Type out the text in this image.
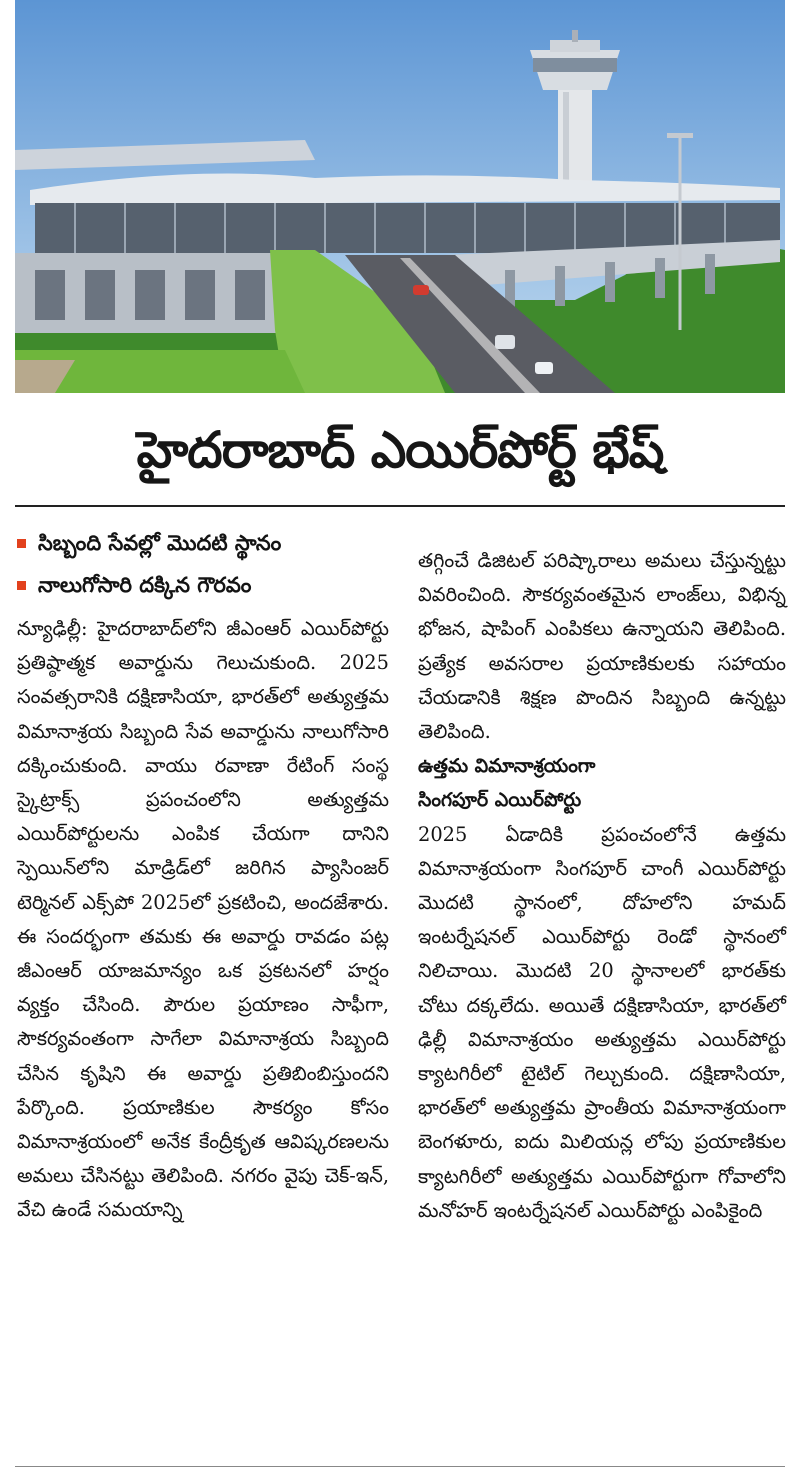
హైదరాబాద్ ఎయిర్‌పోర్ట్ భేష్
సిబ్బంది సేవల్లో మొదటి స్థానం
నాలుగోసారి దక్కిన గౌరవం

న్యూఢిల్లీ: హైదరాబాద్‌లోని జీఎంఆర్ ఎయిర్‌పోర్టు ప్రతిష్ఠాత్మక అవార్డును గెలుచుకుంది. 2025 సంవత్సరానికి దక్షిణాసియా, భారత్‌లో అత్యుత్తమ విమానాశ్రయ సిబ్బంది సేవ అవార్డును నాలుగోసారి దక్కించుకుంది. వాయు రవాణా రేటింగ్ సంస్థ స్కైట్రాక్స్ ప్రపంచంలోని అత్యుత్తమ ఎయిర్‌పోర్టులను ఎంపిక చేయగా దానిని స్పెయిన్‌లోని మాడ్రిడ్‌లో జరిగిన ప్యాసింజర్ టెర్మినల్ ఎక్స్‌పో 2025లో ప్రకటించి, అందజేశారు. ఈ సందర్భంగా తమకు ఈ అవార్డు రావడం పట్ల జీఎంఆర్ యాజమాన్యం ఒక ప్రకటనలో హర్షం వ్యక్తం చేసింది. పౌరుల ప్రయాణం సాఫీగా, సౌకర్యవంతంగా సాగేలా విమానాశ్రయ సిబ్బంది చేసిన కృషిని ఈ అవార్డు ప్రతిబింబిస్తుందని పేర్కొంది. ప్రయాణికుల సౌకర్యం కోసం విమానాశ్రయంలో అనేక కేంద్రీకృత ఆవిష్కరణలను అమలు చేసినట్టు తెలిపింది. నగరం వైపు చెక్-ఇన్, వేచి ఉండే సమయాన్ని

తగ్గించే డిజిటల్ పరిష్కారాలు అమలు చేస్తున్నట్టు వివరించింది. సౌకర్యవంతమైన లాంజ్‌లు, విభిన్న భోజన, షాపింగ్ ఎంపికలు ఉన్నాయని తెలిపింది. ప్రత్యేక అవసరాల ప్రయాణికులకు సహాయం చేయడానికి శిక్షణ పొందిన సిబ్బంది ఉన్నట్టు తెలిపింది.

ఉత్తమ విమానాశ్రయంగా

సింగపూర్ ఎయిర్‌పోర్టు

2025 ఏడాదికి ప్రపంచంలోనే ఉత్తమ విమానాశ్రయంగా సింగపూర్ చాంగీ ఎయిర్‌పోర్టు మొదటి స్థానంలో, దోహలోని హమద్ ఇంటర్నేషనల్ ఎయిర్‌పోర్టు రెండో స్థానంలో నిలిచాయి. మొదటి 20 స్థానాలలో భారత్‌కు చోటు దక్కలేదు. అయితే దక్షిణాసియా, భారత్‌లో ఢిల్లీ విమానాశ్రయం అత్యుత్తమ ఎయిర్‌పోర్టు క్యాటగిరీలో టైటిల్ గెల్చుకుంది. దక్షిణాసియా, భారత్‌లో అత్యుత్తమ ప్రాంతీయ విమానాశ్రయంగా బెంగళూరు, ఐదు మిలియన్ల లోపు ప్రయాణికుల క్యాటగిరీలో అత్యుత్తమ ఎయిర్‌పోర్టుగా గోవాలోని మనోహర్ ఇంటర్నేషనల్ ఎయిర్‌పోర్టు ఎంపికైంది
